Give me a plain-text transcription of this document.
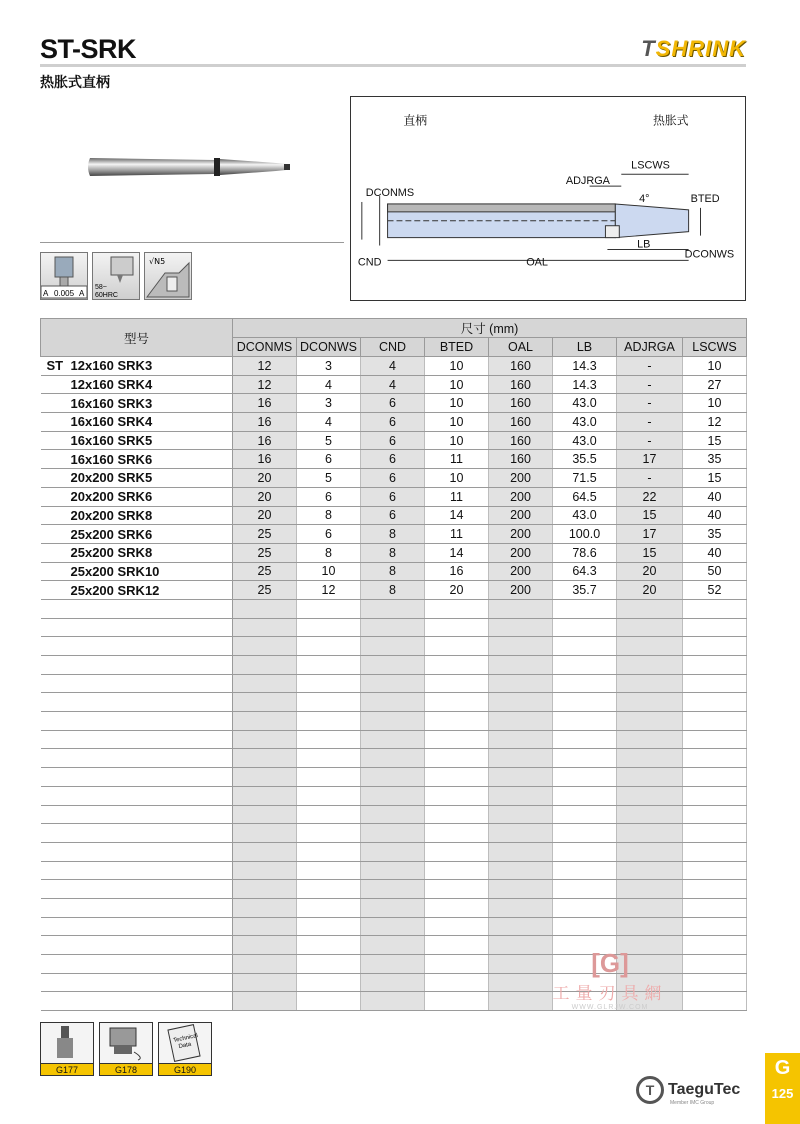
ST-SRK
热胀式直柄
TSHRINK
A 0.005 A
58~
60HRC
√N5
直柄	热胀式
DCONMS
CND	OAL
LB
ADJRGA
LSCWS
4°	BTED
DCONWS
型号	尺寸 (mm)							
	DCONMS	DCONWS	CND	BTED	OAL	LB	ADJRGA	LSCWS

ST 12x160 SRK3	12	3	4	10	160	14.3	-	10
12x160 SRK4	12	4	4	10	160	14.3	-	27
16x160 SRK3	16	3	6	10	160	43.0	-	10
16x160 SRK4	16	4	6	10	160	43.0	-	12
16x160 SRK5	16	5	6	10	160	43.0	-	15
16x160 SRK6	16	6	6	11	160	35.5	17	35
20x200 SRK5	20	5	6	10	200	71.5	-	15
20x200 SRK6	20	6	6	11	200	64.5	22	40
20x200 SRK8	20	8	6	14	200	43.0	15	40
25x200 SRK6	25	6	8	11	200	100.0	17	35
25x200 SRK8	25	8	8	14	200	78.6	15	40
25x200 SRK10	25	10	8	16	200	64.3	20	50
25x200 SRK12	25	12	8	20	200	35.7	20	52

[G]
工量刃具網
WWW.GLRJW.COM
G177	G178
Technical
Data
G190
T TaeguTec
Member IMC Group
G
125
